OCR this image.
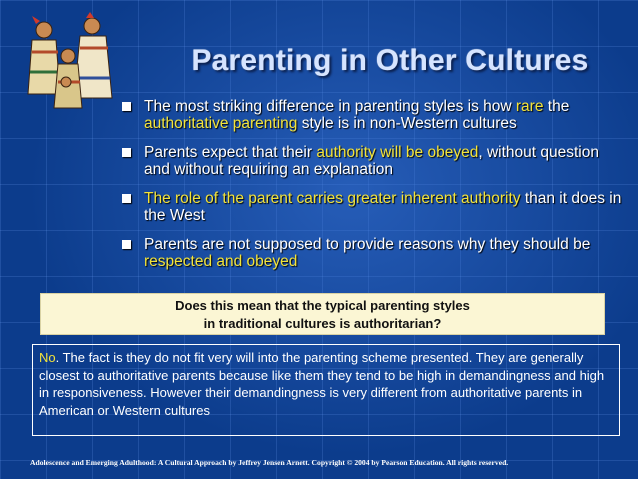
Parenting in Other Cultures
The most striking difference in parenting styles is how rare the authoritative parenting style is in non-Western cultures
Parents expect that their authority will be obeyed, without question and without requiring an explanation
The role of the parent carries greater inherent authority than it does in the West
Parents are not supposed to provide reasons why they should be respected and obeyed
Does this mean that the typical parenting styles
in traditional cultures is authoritarian?
No. The fact is they do not fit very will into the parenting scheme presented. They are generally closest to authoritative parents because like them they tend to be high in demandingness and high in responsiveness. However their demandingness is very different from authoritative parents in American or Western cultures
Adolescence and Emerging Adulthood: A Cultural Approach by Jeffrey Jensen Arnett. Copyright © 2004 by Pearson Education. All rights reserved.
